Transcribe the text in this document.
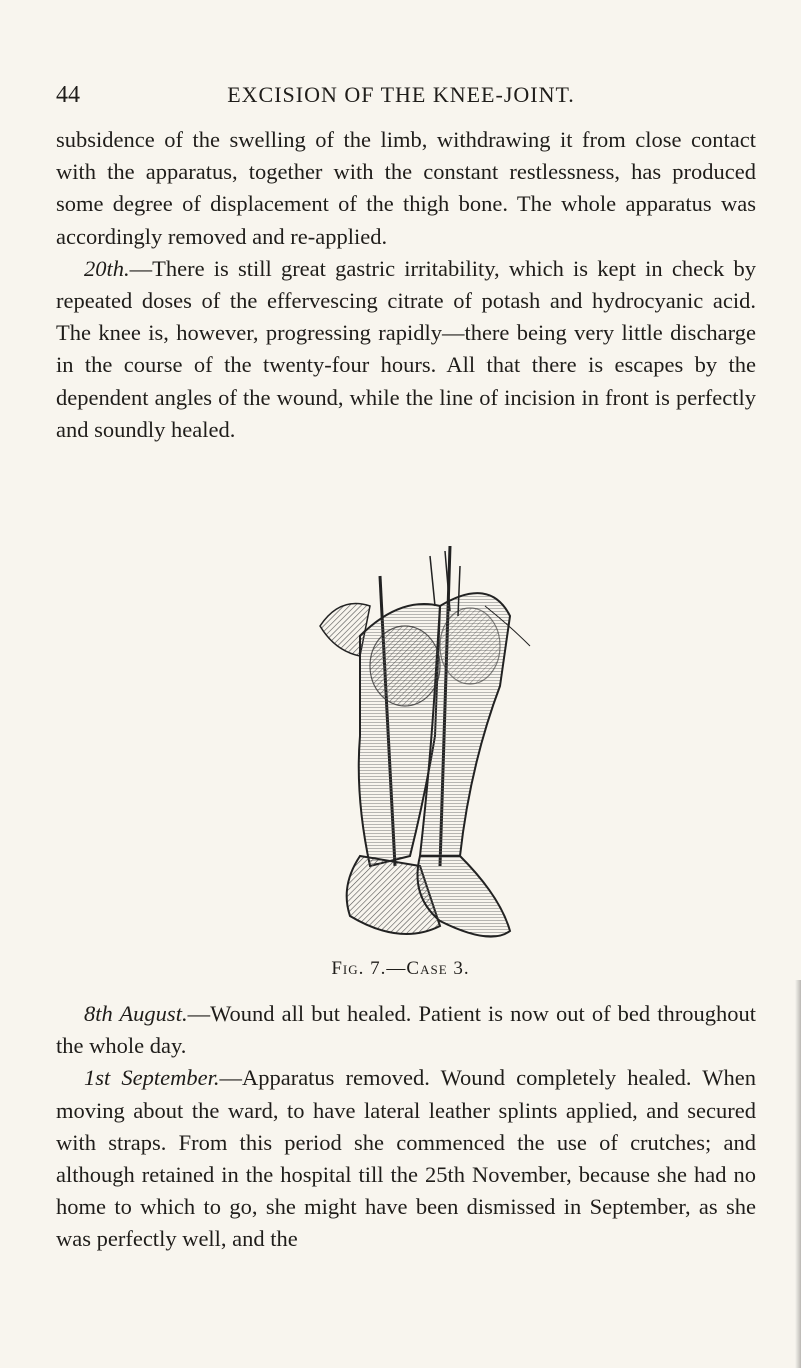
44	EXCISION OF THE KNEE-JOINT.

subsidence of the swelling of the limb, withdrawing it from close contact with the apparatus, together with the constant restlessness, has produced some degree of displacement of the thigh bone. The whole apparatus was accordingly removed and re-applied.

20th.—There is still great gastric irritability, which is kept in check by repeated doses of the effervescing citrate of potash and hydrocyanic acid. The knee is, however, progressing rapidly—there being very little discharge in the course of the twenty-four hours. All that there is escapes by the dependent angles of the wound, while the line of incision in front is perfectly and soundly healed.

Fig. 7.—Case 3.

8th August.—Wound all but healed. Patient is now out of bed throughout the whole day.

1st September.—Apparatus removed. Wound completely healed. When moving about the ward, to have lateral leather splints applied, and secured with straps. From this period she commenced the use of crutches; and although retained in the hospital till the 25th November, because she had no home to which to go, she might have been dismissed in September, as she was perfectly well, and the
